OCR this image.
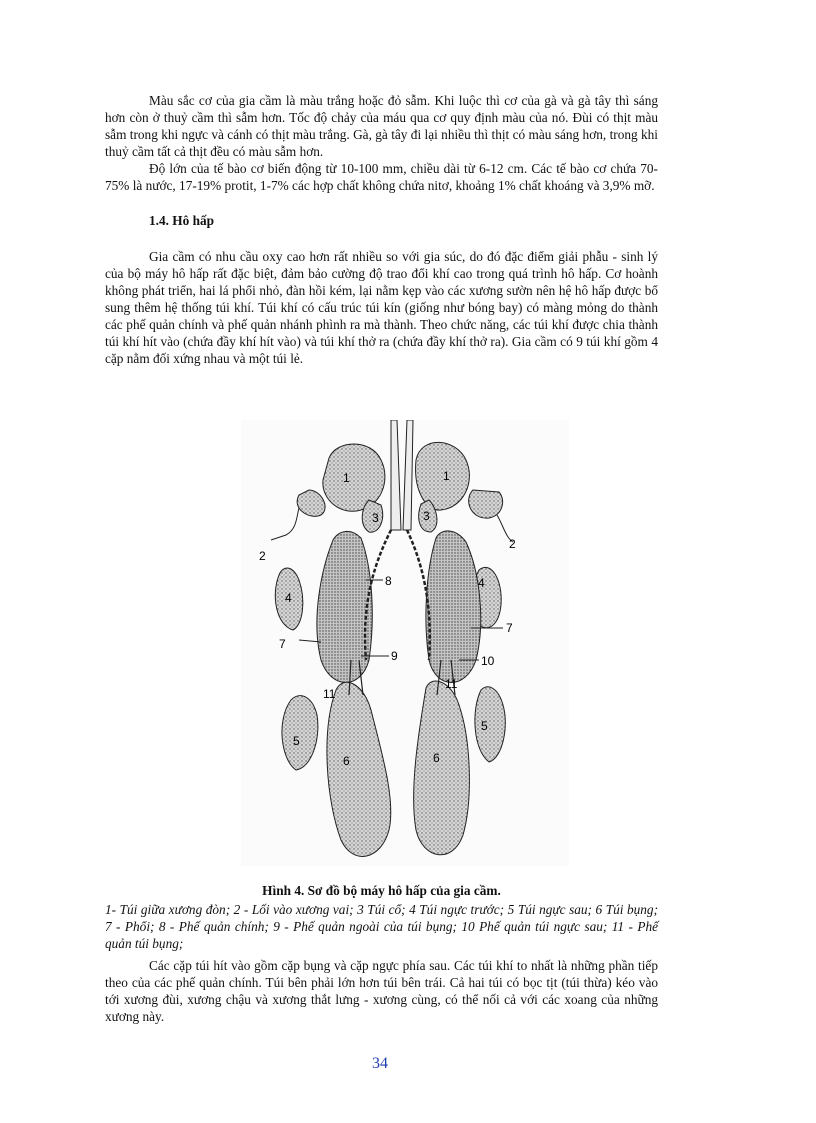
Màu sắc cơ của gia cầm là màu trắng hoặc đỏ sẫm. Khi luộc thì cơ của gà và gà tây thì sáng hơn còn ở thuỷ cầm thì sẫm hơn. Tốc độ chảy của máu qua cơ quy định màu của nó. Đùi có thịt màu sẫm trong khi ngực và cánh có thịt màu trắng. Gà, gà tây đi lại nhiều thì thịt có màu sáng hơn, trong khi thuỷ cầm tất cả thịt đều có màu sẫm hơn.

Độ lớn của tế bào cơ biến động từ 10-100 mm, chiều dài từ 6-12 cm. Các tế bào cơ chứa 70-75% là nước, 17-19% protit, 1-7% các hợp chất không chứa nitơ, khoảng 1% chất khoáng và 3,9% mỡ.

1.4. Hô hấp

Gia cầm có nhu cầu oxy cao hơn rất nhiều so với gia súc, do đó đặc điểm giải phẫu - sinh lý của bộ máy hô hấp rất đặc biệt, đảm bảo cường độ trao đổi khí cao trong quá trình hô hấp. Cơ hoành không phát triển, hai lá phổi nhỏ, đàn hồi kém, lại nằm kẹp vào các xương sườn nên hệ hô hấp được bổ sung thêm hệ thống túi khí. Túi khí có cấu trúc túi kín (giống như bóng bay) có màng mỏng do thành các phế quản chính và phế quản nhánh phình ra mà thành. Theo chức năng, các túi khí được chia thành túi khí hít vào (chứa đầy khí hít vào) và túi khí thở ra (chứa đầy khí thở ra). Gia cầm có 9 túi khí gồm 4 cặp nằm đối xứng nhau và một túi lẻ.

1	1
2
2
3	3
4
4
5
5
6	6
7
7
8
9	10
11
11
Hình 4. Sơ đồ bộ máy hô hấp của gia cầm.
1- Túi giữa xương đòn; 2 - Lối vào xương vai; 3 Túi cổ; 4 Túi ngực trước; 5 Túi ngực sau; 6 Túi bụng; 7 - Phổi; 8 - Phế quản chính; 9 - Phế quản ngoài của túi bụng; 10 Phế quản túi ngực sau; 11 - Phế quản túi bụng;

Các cặp túi hít vào gồm cặp bụng và cặp ngực phía sau. Các túi khí to nhất là những phần tiếp theo của các phế quản chính. Túi bên phải lớn hơn túi bên trái. Cả hai túi có bọc tịt (túi thừa) kéo vào tới xương đùi, xương chậu và xương thắt lưng - xương cùng, có thể nối cả với các xoang của những xương này.

34
